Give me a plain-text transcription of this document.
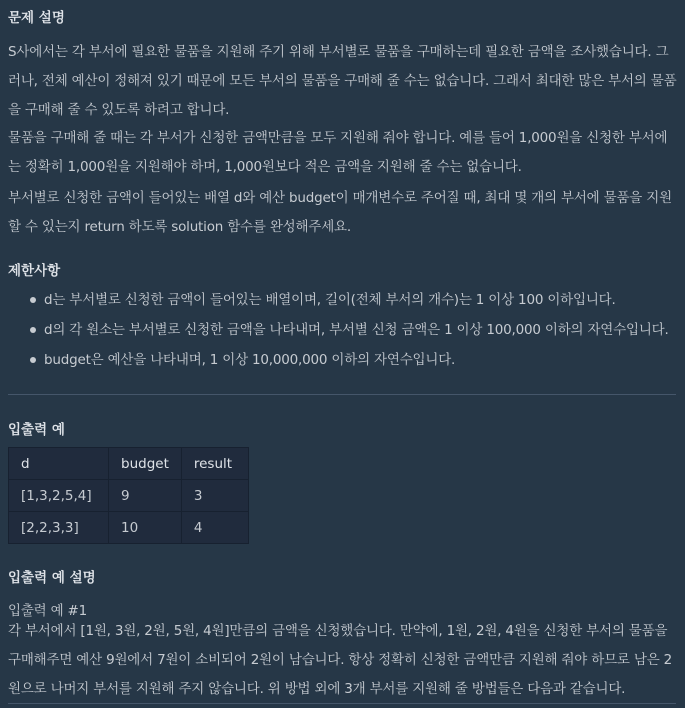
문제 설명

S사에서는 각 부서에 필요한 물품을 지원해 주기 위해 부서별로 물품을 구매하는데 필요한 금액을 조사했습니다. 그러나, 전체 예산이 정해져 있기 때문에 모든 부서의 물품을 구매해 줄 수는 없습니다. 그래서 최대한 많은 부서의 물품을 구매해 줄 수 있도록 하려고 합니다.

물품을 구매해 줄 때는 각 부서가 신청한 금액만큼을 모두 지원해 줘야 합니다. 예를 들어 1,000원을 신청한 부서에는 정확히 1,000원을 지원해야 하며, 1,000원보다 적은 금액을 지원해 줄 수는 없습니다.

부서별로 신청한 금액이 들어있는 배열 d와 예산 budget이 매개변수로 주어질 때, 최대 몇 개의 부서에 물품을 지원할 수 있는지 return 하도록 solution 함수를 완성해주세요.

제한사항
d는 부서별로 신청한 금액이 들어있는 배열이며, 길이(전체 부서의 개수)는 1 이상 100 이하입니다.
d의 각 원소는 부서별로 신청한 금액을 나타내며, 부서별 신청 금액은 1 이상 100,000 이하의 자연수입니다.
budget은 예산을 나타내며, 1 이상 10,000,000 이하의 자연수입니다.
입출력 예
d	budget	result
[1,3,2,5,4]	9	3
[2,2,3,3]	10	4
입출력 예 설명

입출력 예 #1

각 부서에서 [1원, 3원, 2원, 5원, 4원]만큼의 금액을 신청했습니다. 만약에, 1원, 2원, 4원을 신청한 부서의 물품을 구매해주면 예산 9원에서 7원이 소비되어 2원이 남습니다. 항상 정확히 신청한 금액만큼 지원해 줘야 하므로 남은 2원으로 나머지 부서를 지원해 주지 않습니다. 위 방법 외에 3개 부서를 지원해 줄 방법들은 다음과 같습니다.
